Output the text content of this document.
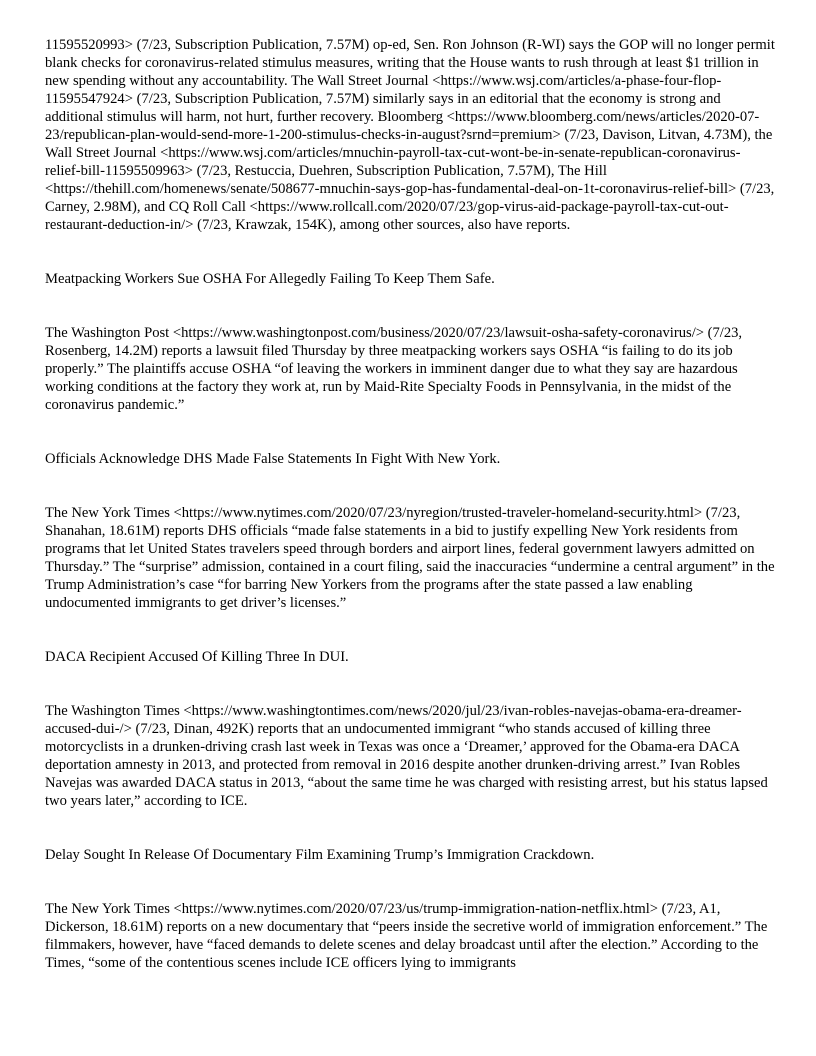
11595520993> (7/23, Subscription Publication, 7.57M) op-ed, Sen. Ron Johnson (R-WI) says the GOP will no longer permit blank checks for coronavirus-related stimulus measures, writing that the House wants to rush through at least $1 trillion in new spending without any accountability. The Wall Street Journal <https://www.wsj.com/articles/a-phase-four-flop-11595547924> (7/23, Subscription Publication, 7.57M) similarly says in an editorial that the economy is strong and additional stimulus will harm, not hurt, further recovery. Bloomberg <https://www.bloomberg.com/news/articles/2020-07-23/republican-plan-would-send-more-1-200-stimulus-checks-in-august?srnd=premium> (7/23, Davison, Litvan, 4.73M), the Wall Street Journal <https://www.wsj.com/articles/mnuchin-payroll-tax-cut-wont-be-in-senate-republican-coronavirus-relief-bill-11595509963> (7/23, Restuccia, Duehren, Subscription Publication, 7.57M), The Hill <https://thehill.com/homenews/senate/508677-mnuchin-says-gop-has-fundamental-deal-on-1t-coronavirus-relief-bill> (7/23, Carney, 2.98M), and CQ Roll Call <https://www.rollcall.com/2020/07/23/gop-virus-aid-package-payroll-tax-cut-out-restaurant-deduction-in/> (7/23, Krawzak, 154K), among other sources, also have reports.

Meatpacking Workers Sue OSHA For Allegedly Failing To Keep Them Safe.

The Washington Post <https://www.washingtonpost.com/business/2020/07/23/lawsuit-osha-safety-coronavirus/> (7/23, Rosenberg, 14.2M) reports a lawsuit filed Thursday by three meatpacking workers says OSHA “is failing to do its job properly.” The plaintiffs accuse OSHA “of leaving the workers in imminent danger due to what they say are hazardous working conditions at the factory they work at, run by Maid-Rite Specialty Foods in Pennsylvania, in the midst of the coronavirus pandemic.”

Officials Acknowledge DHS Made False Statements In Fight With New York.

The New York Times <https://www.nytimes.com/2020/07/23/nyregion/trusted-traveler-homeland-security.html> (7/23, Shanahan, 18.61M) reports DHS officials “made false statements in a bid to justify expelling New York residents from programs that let United States travelers speed through borders and airport lines, federal government lawyers admitted on Thursday.” The “surprise” admission, contained in a court filing, said the inaccuracies “undermine a central argument” in the Trump Administration’s case “for barring New Yorkers from the programs after the state passed a law enabling undocumented immigrants to get driver’s licenses.”

DACA Recipient Accused Of Killing Three In DUI.

The Washington Times <https://www.washingtontimes.com/news/2020/jul/23/ivan-robles-navejas-obama-era-dreamer-accused-dui-/> (7/23, Dinan, 492K) reports that an undocumented immigrant “who stands accused of killing three motorcyclists in a drunken-driving crash last week in Texas was once a ‘Dreamer,’ approved for the Obama-era DACA deportation amnesty in 2013, and protected from removal in 2016 despite another drunken-driving arrest.” Ivan Robles Navejas was awarded DACA status in 2013, “about the same time he was charged with resisting arrest, but his status lapsed two years later,” according to ICE.

Delay Sought In Release Of Documentary Film Examining Trump’s Immigration Crackdown.

The New York Times <https://www.nytimes.com/2020/07/23/us/trump-immigration-nation-netflix.html> (7/23, A1, Dickerson, 18.61M) reports on a new documentary that “peers inside the secretive world of immigration enforcement.” The filmmakers, however, have “faced demands to delete scenes and delay broadcast until after the election.” According to the Times, “some of the contentious scenes include ICE officers lying to immigrants
